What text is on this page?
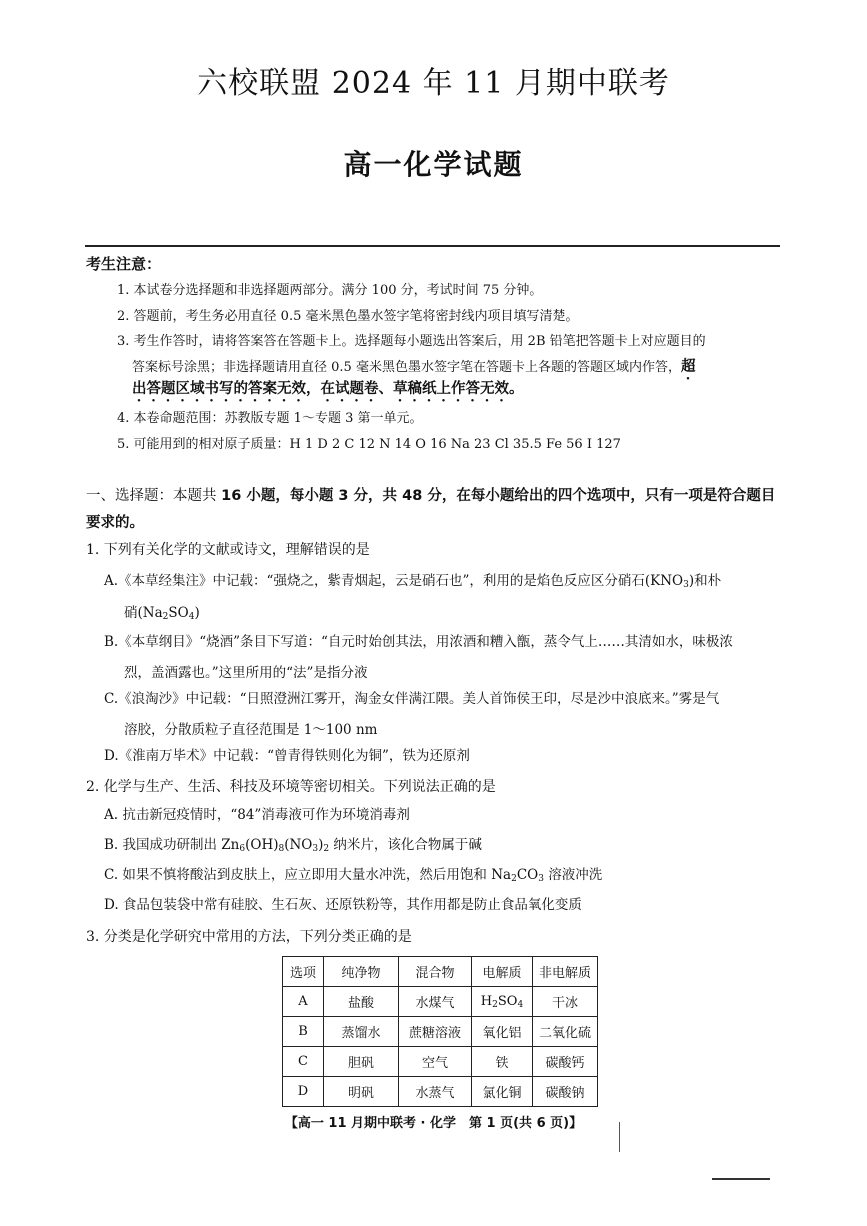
六校联盟 2024 年 11 月期中联考
高一化学试题
考生注意：
1. 本试卷分选择题和非选择题两部分。满分 100 分，考试时间 75 分钟。
2. 答题前，考生务必用直径 0.5 毫米黑色墨水签字笔将密封线内项目填写清楚。
3. 考生作答时，请将答案答在答题卡上。选择题每小题选出答案后，用 2B 铅笔把答题卡上对应题目的
答案标号涂黑；非选择题请用直径 0.5 毫米黑色墨水签字笔在答题卡上各题的答题区域内作答，超
出答题区域书写的答案无效，在试题卷、草稿纸上作答无效。
4. 本卷命题范围：苏教版专题 1～专题 3 第一单元。
5. 可能用到的相对原子质量：H 1 D 2 C 12 N 14 O 16 Na 23 Cl 35.5 Fe 56 I 127
一、选择题：本题共 16 小题，每小题 3 分，共 48 分，在每小题给出的四个选项中，只有一项是符合题目要求的。
1. 下列有关化学的文献或诗文，理解错误的是
A.《本草经集注》中记载：“强烧之，紫青烟起，云是硝石也”，利用的是焰色反应区分硝石$(KNO_3)$和朴
硝$(Na_2SO_4)$
B.《本草纲目》“烧酒”条目下写道：“自元时始创其法，用浓酒和糟入甑，蒸令气上……其清如水，味极浓
烈，盖酒露也。”这里所用的“法”是指分液
C.《浪淘沙》中记载：“日照澄洲江雾开，淘金女伴满江隈。美人首饰侯王印，尽是沙中浪底来。”雾是气
溶胶，分散质粒子直径范围是 1～100 nm
D.《淮南万毕术》中记载：“曾青得铁则化为铜”，铁为还原剂
2. 化学与生产、生活、科技及环境等密切相关。下列说法正确的是
A. 抗击新冠疫情时，“84”消毒液可作为环境消毒剂
B. 我国成功研制出 $Zn_6(OH)_8(NO_3)_2$ 纳米片，该化合物属于碱
C. 如果不慎将酸沾到皮肤上，应立即用大量水冲洗，然后用饱和 $Na_2CO_3$ 溶液冲洗
D. 食品包装袋中常有硅胶、生石灰、还原铁粉等，其作用都是防止食品氧化变质
3. 分类是化学研究中常用的方法，下列分类正确的是
选项	纯净物	混合物	电解质	非电解质
A	盐酸	水煤气	$H_2SO_4$	干冰
B	蒸馏水	蔗糖溶液	氧化铝	二氧化硫
C	胆矾	空气	铁	碳酸钙
D	明矾	水蒸气	氯化铜	碳酸钠
【高一 11 月期中联考 · 化学　第 1 页(共 6 页)】
